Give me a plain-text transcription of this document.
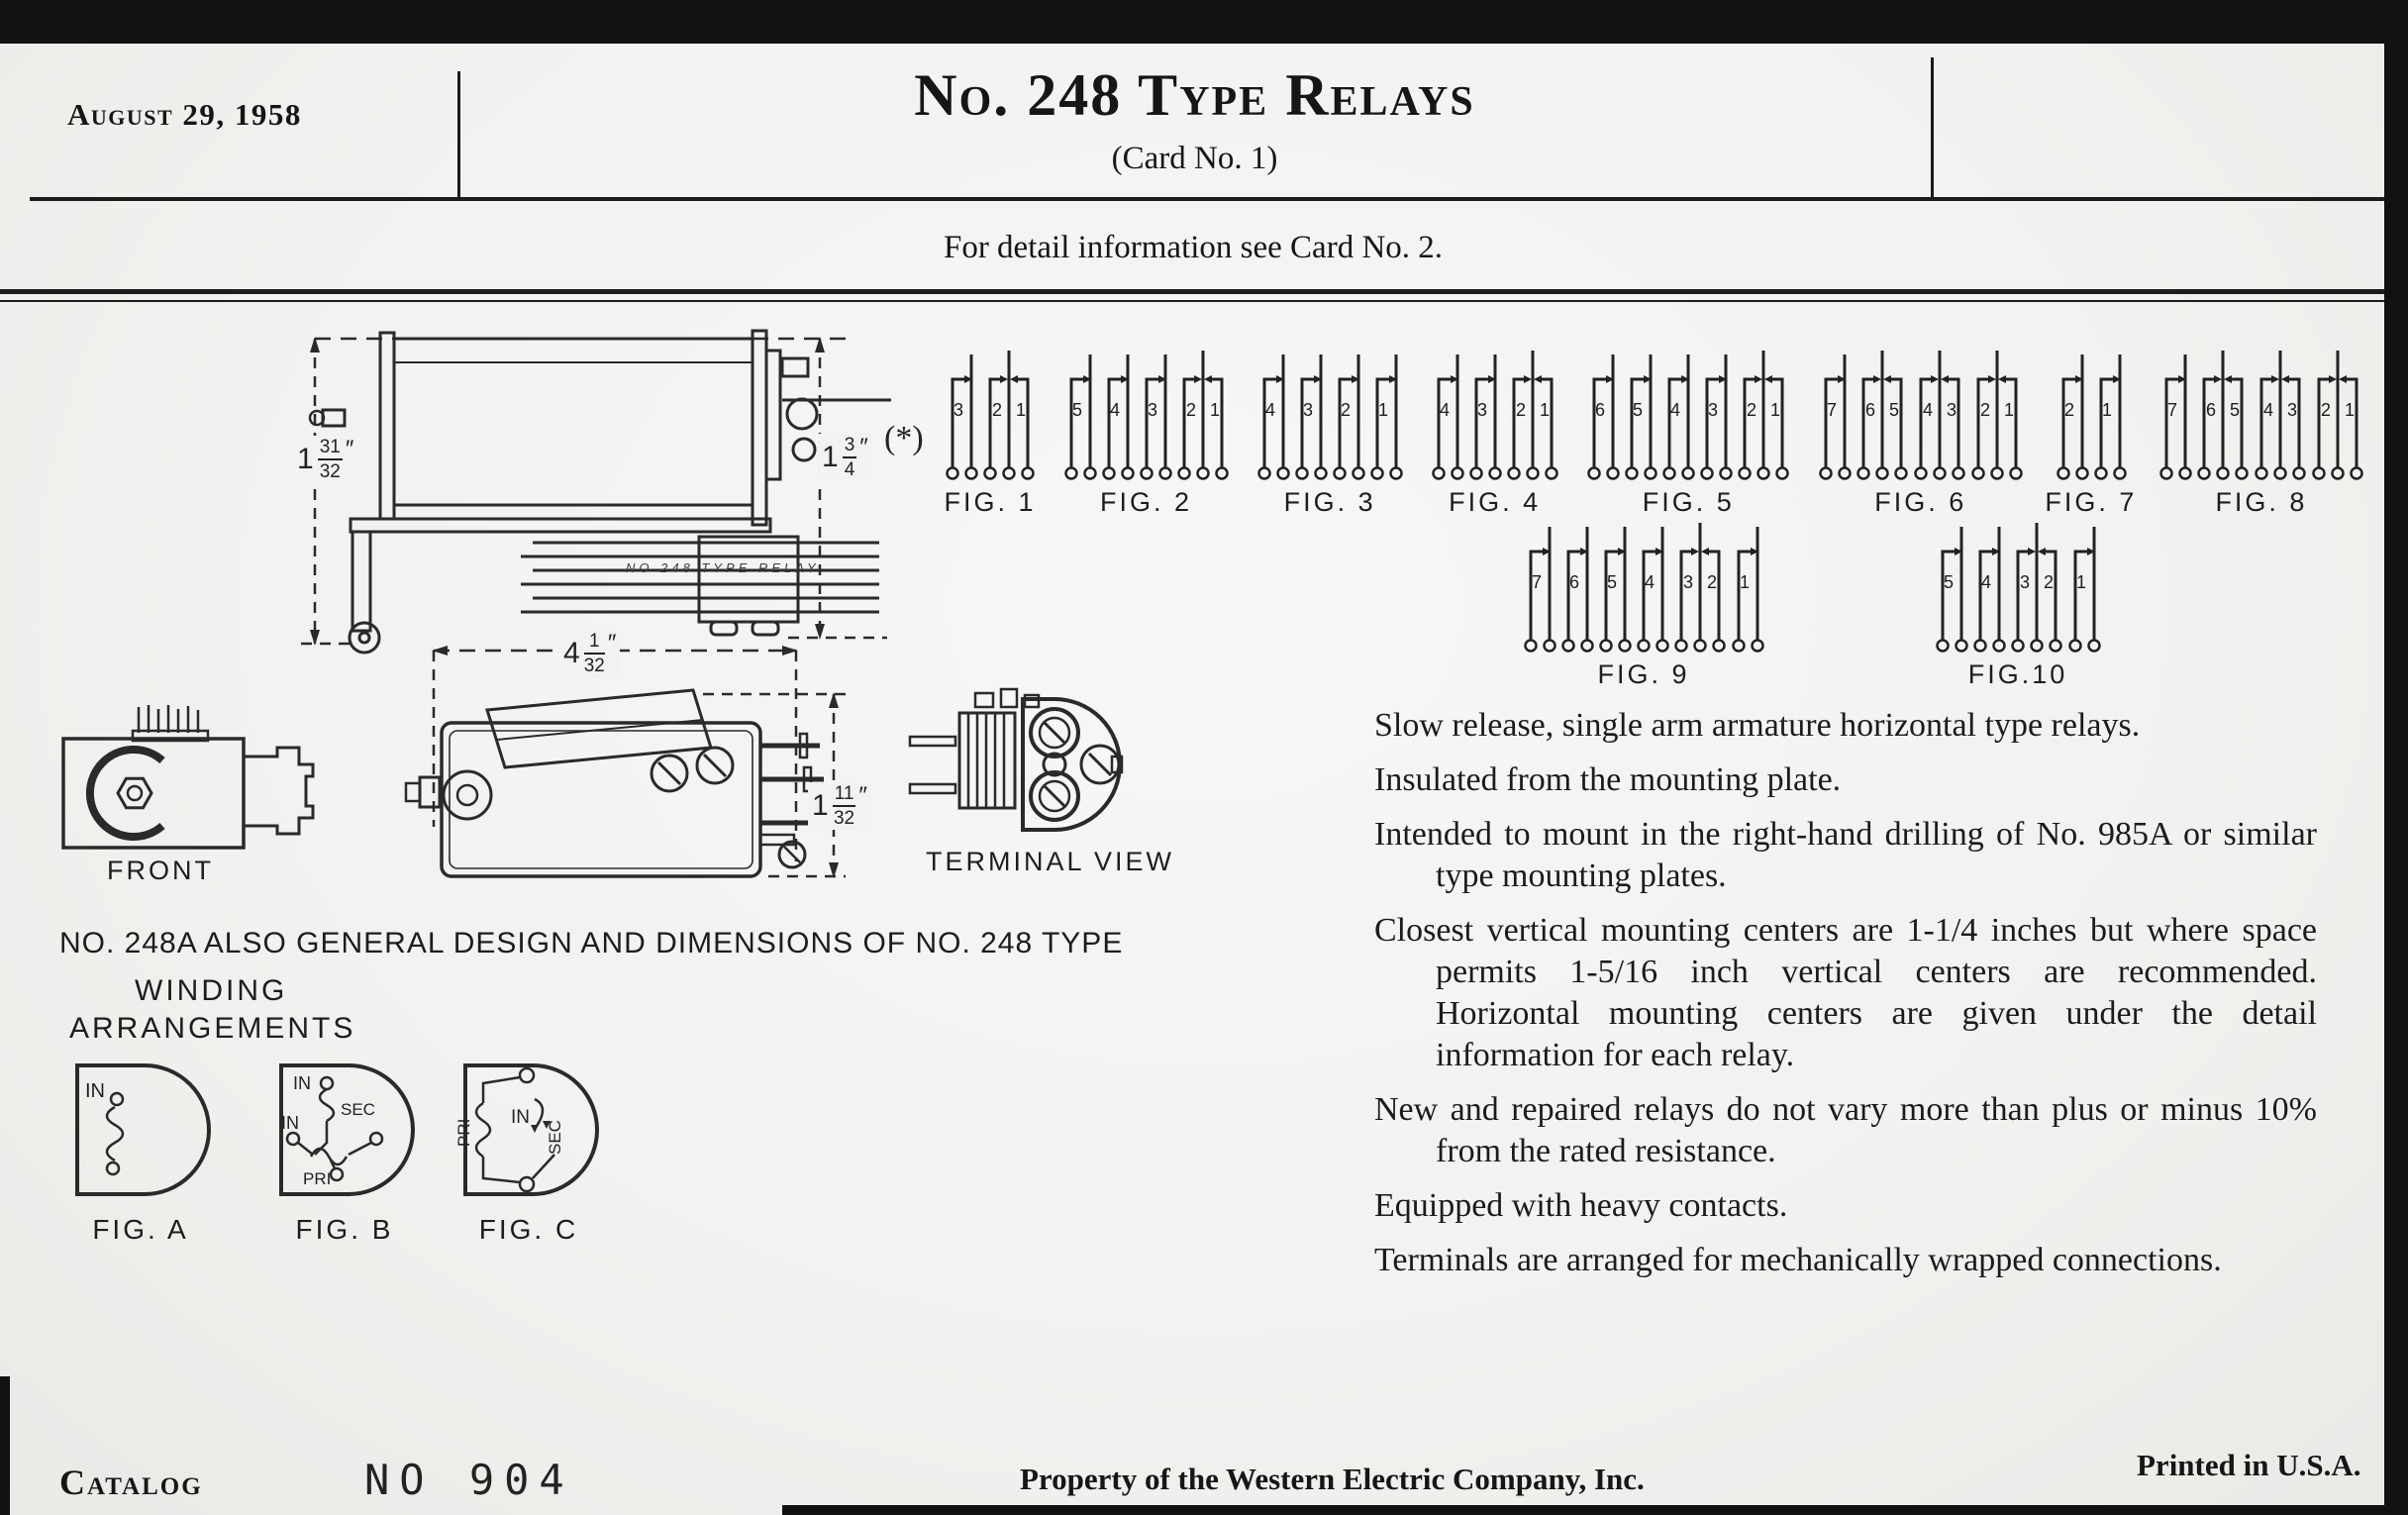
August 29, 1958	No. 248 Type Relays
(Card No. 1)
For detail information see Card No. 2.
3 2 1
FIG. 1
5 4 3 2 1
FIG. 2
4 3 2 1
FIG. 3
4 3 2 1
FIG. 4
6 5 4 3 2 1
FIG. 5
7 6 5 4 3 2 1
FIG. 6
2 1
FIG. 7
7 6 5 4 3 2 1
FIG. 8
7 6 5 4 3 2 1
FIG. 9
5 4 3 2 1
FIG.10
$1 \frac{31}{32}$ ″	$1 \frac{3}{4}$ ″ (*)
NO 248 TYPE RELAY
FRONT
$4 \frac{1}{32}$ ″
$1 \frac{11}{32}$ ″
TERMINAL VIEW
NO. 248A ALSO GENERAL DESIGN AND DIMENSIONS OF NO. 248 TYPE
WINDING
ARRANGEMENTS
IN
FIG. A
IN
IN
SEC
PRI
FIG. B
PRI
IN
SEC
FIG. C

Slow release, single arm armature horizontal type relays.

Insulated from the mounting plate.

Intended to mount in the right-hand drilling of No. 985A or similar type mounting plates.

Closest vertical mounting centers are 1-1/4 inches but where space permits 1-5/16 inch vertical centers are recommended. Horizontal mounting centers are given under the detail information for each relay.

New and repaired relays do not vary more than plus or minus 10% from the rated resistance.

Equipped with heavy contacts.

Terminals are arranged for mechanically wrapped connections.

Catalog	NO 904	Property of the Western Electric Company, Inc.	Printed in U.S.A.
